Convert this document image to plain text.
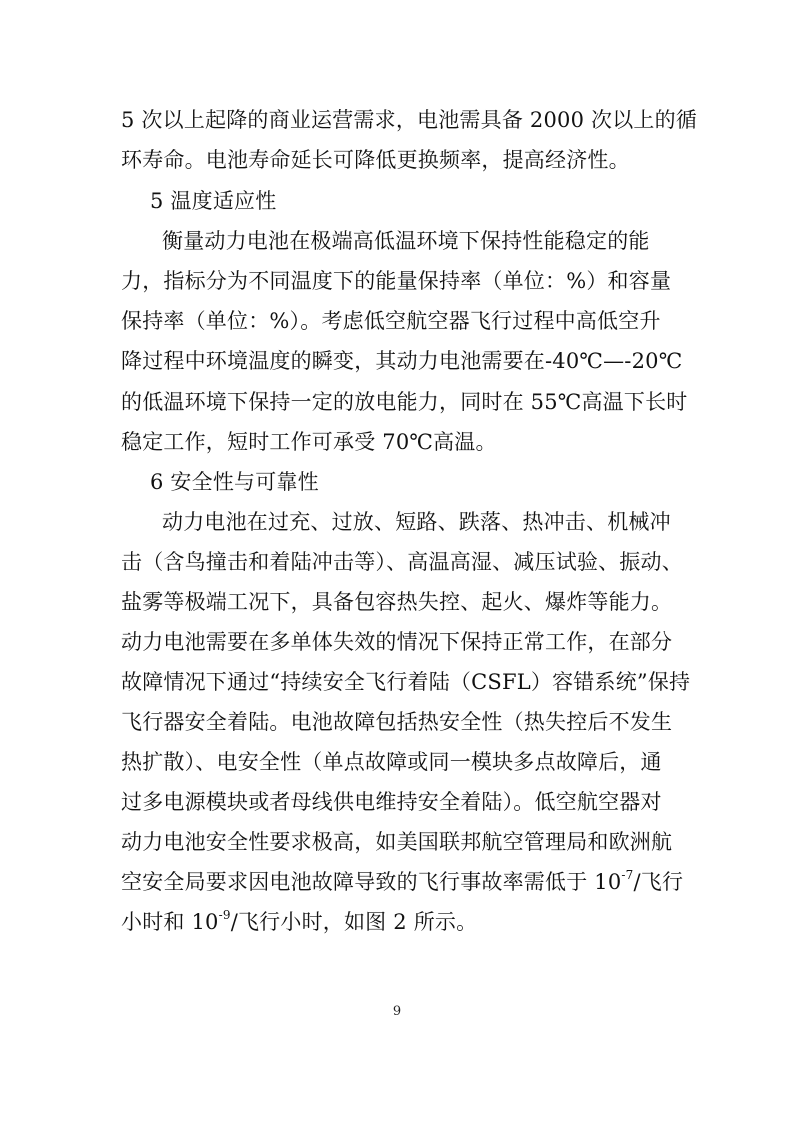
5 次以上起降的商业运营需求，电池需具备 2000 次以上的循
环寿命。电池寿命延长可降低更换频率，提高经济性。
5 温度适应性
衡量动力电池在极端高低温环境下保持性能稳定的能
力，指标分为不同温度下的能量保持率（单位：%）和容量
保持率（单位：%）。考虑低空航空器飞行过程中高低空升
降过程中环境温度的瞬变，其动力电池需要在-40℃—-20℃
的低温环境下保持一定的放电能力，同时在 55℃高温下长时
稳定工作，短时工作可承受 70℃高温。
6 安全性与可靠性
动力电池在过充、过放、短路、跌落、热冲击、机械冲
击（含鸟撞击和着陆冲击等）、高温高湿、减压试验、振动、
盐雾等极端工况下，具备包容热失控、起火、爆炸等能力。
动力电池需要在多单体失效的情况下保持正常工作，在部分
故障情况下通过“持续安全飞行着陆（CSFL）容错系统”保持
飞行器安全着陆。电池故障包括热安全性（热失控后不发生
热扩散）、电安全性（单点故障或同一模块多点故障后，通
过多电源模块或者母线供电维持安全着陆）。低空航空器对
动力电池安全性要求极高，如美国联邦航空管理局和欧洲航
空安全局要求因电池故障导致的飞行事故率需低于 $10^{-7}/$飞行
小时和 $10^{-9}/$飞行小时，如图 2 所示。
9
